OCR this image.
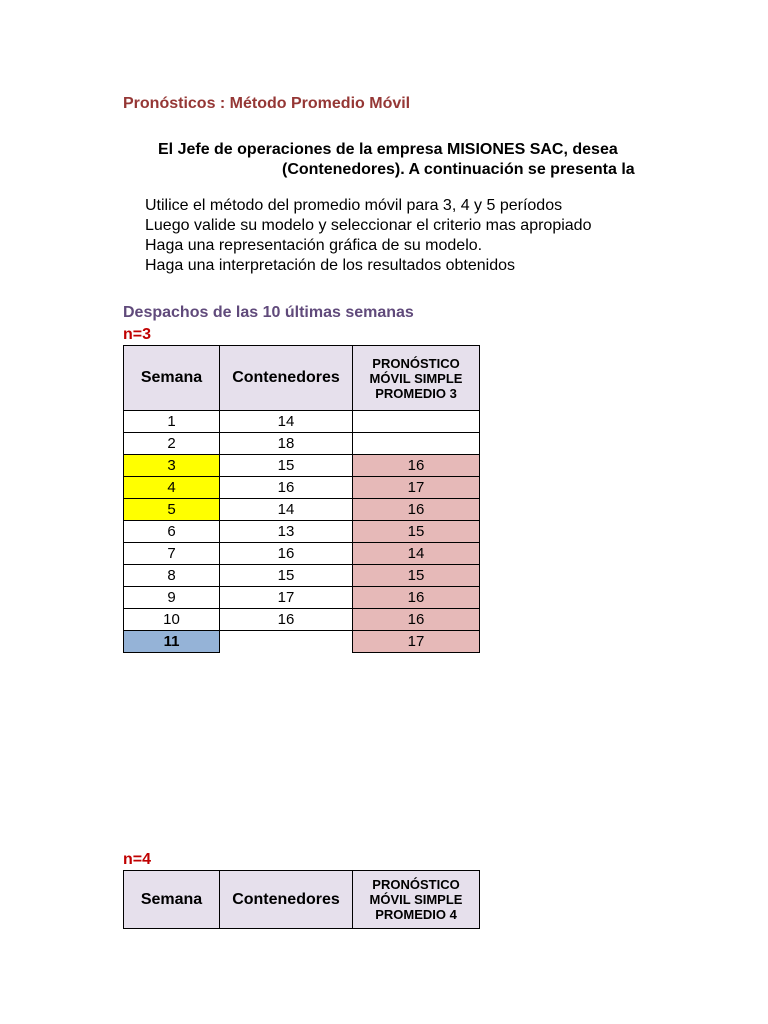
Pronósticos : Método Promedio Móvil
El Jefe de operaciones de la empresa MISIONES SAC, desea
(Contenedores). A continuación se presenta la
Utilice el método del promedio móvil para 3, 4 y 5 períodos
Luego valide su modelo y seleccionar el criterio mas apropiado
Haga una representación gráfica de su modelo.
Haga una interpretación de los resultados obtenidos
Despachos de las 10 últimas semanas
n=3
Semana	Contenedores	PRONÓSTICO MÓVIL SIMPLE PROMEDIO 3
1	14	
2	18	
3	15	16
4	16	17
5	14	16
6	13	15
7	16	14
8	15	15
9	17	16
10	16	16
11		17
n=4
Semana	Contenedores	PRONÓSTICO MÓVIL SIMPLE PROMEDIO 4
